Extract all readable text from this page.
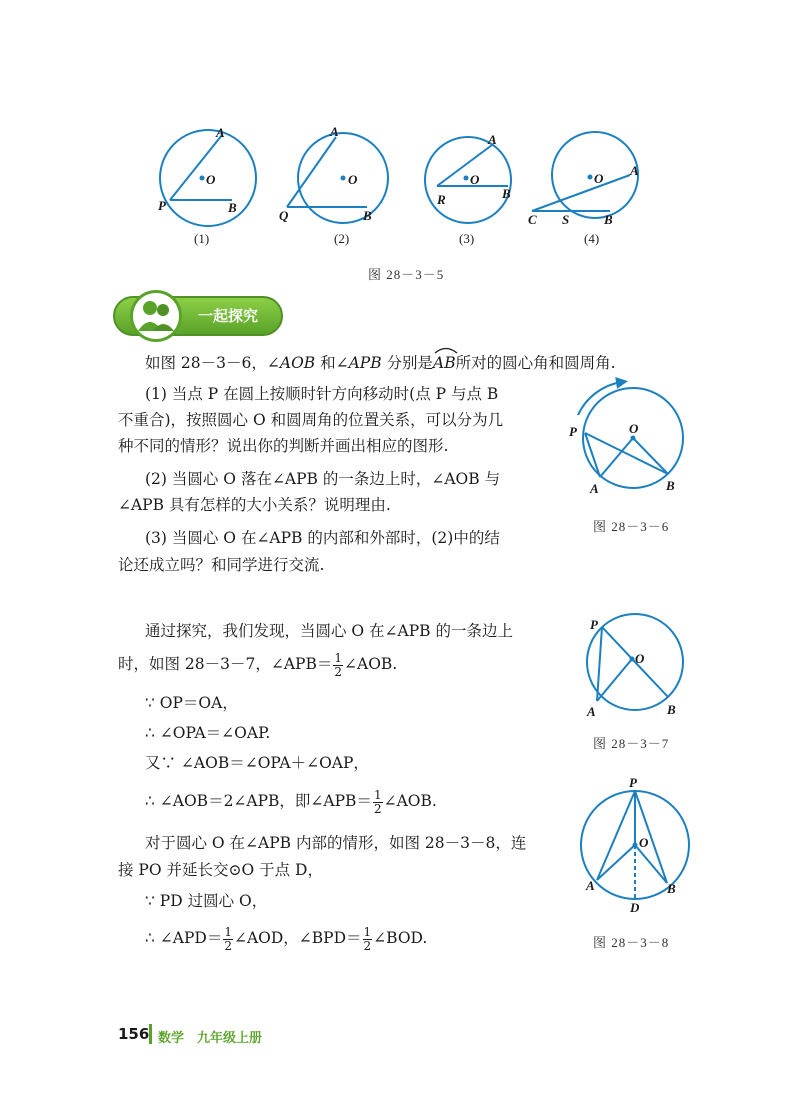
A
O
P	B
A
O
Q	B
A
O
R	B
O
A
C S	B
(1)	(2)	(3)	(4)
图 28－3－5
一起探究
如图 28－3－6，∠AOB 和∠APB 分别是
AB所对的圆心角和圆周角.
(1) 当点 P 在圆上按顺时针方向移动时(点 P 与点 B
不重合)，按照圆心 O 和圆周角的位置关系，可以分为几
种不同的情形？说出你的判断并画出相应的图形.
(2) 当圆心 O 落在∠APB 的一条边上时，∠AOB 与
∠APB 具有怎样的大小关系？说明理由.
(3) 当圆心 O 在∠APB 的内部和外部时，(2)中的结
论还成立吗？和同学进行交流.
P	O
A	B
图 28－3－6
通过探究，我们发现，当圆心 O 在∠APB 的一条边上
时，如图 28－3－7，∠APB＝ $\frac{1}{2}$ ∠AOB.
∵ OP＝OA，
∴ ∠OPA＝∠OAP.
又∵ ∠AOB＝∠OPA＋∠OAP，
∴ ∠AOB＝2∠APB，即∠APB＝ $\frac{1}{2}$ ∠AOB.
对于圆心 O 在∠APB 内部的情形，如图 28－3－8，连
接 PO 并延长交⊙O 于点 D，
∵ PD 过圆心 O，
∴ ∠APD＝ $\frac{1}{2}$ ∠AOD，∠BPD＝ $\frac{1}{2}$ ∠BOD.
P
O
A	B
图 28－3－7
P
O
A	B
D
图 28－3－8
156 数学　九年级上册
